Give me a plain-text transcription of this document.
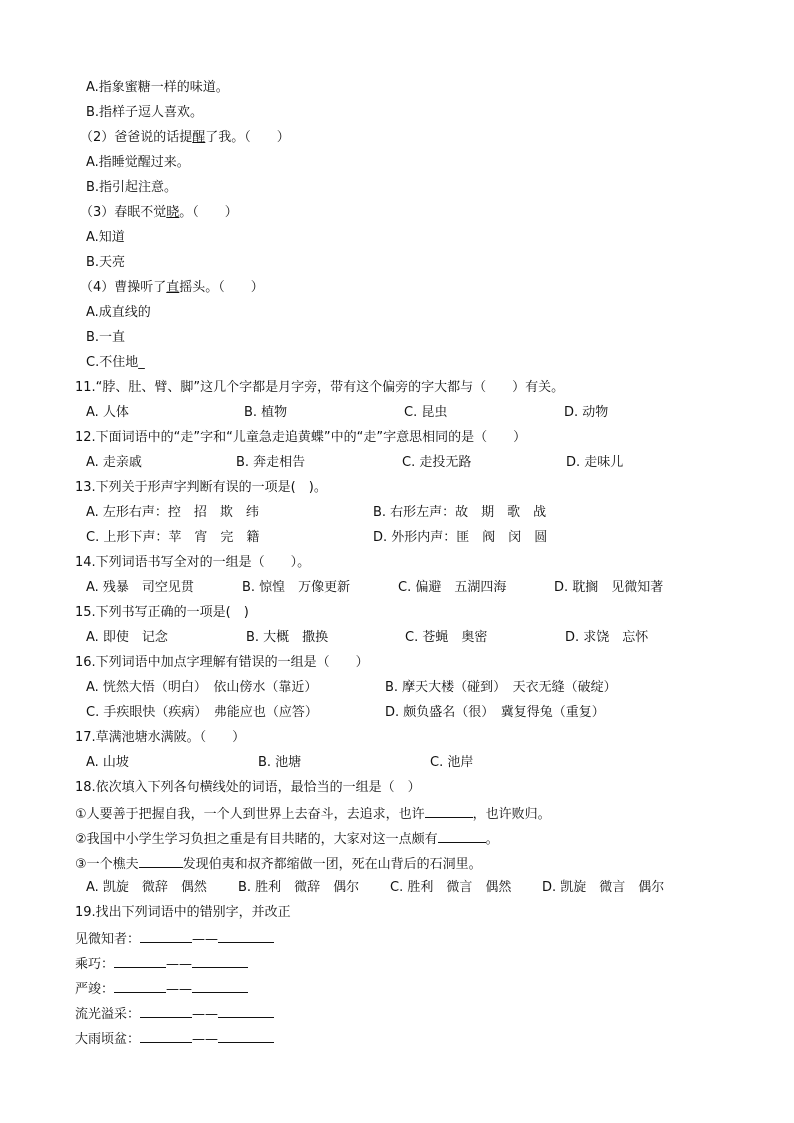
A.指象蜜糖一样的味道。
B.指样子逗人喜欢。
（2）爸爸说的话提醒了我。（　　）
A.指睡觉醒过来。
B.指引起注意。
（3）春眠不觉晓。（　　）
A.知道
B.天亮
（4）曹操听了直摇头。（　　）
A.成直线的
B.一直
C.不住地_
11.“脖、肚、臂、脚”这几个字都是月字旁，带有这个偏旁的字大都与（　　）有关。
A. 人体	B. 植物	C. 昆虫	D. 动物
12.下面词语中的“走”字和“儿童急走追黄蝶”中的“走”字意思相同的是（　　）
A. 走亲戚	B. 奔走相告	C. 走投无路	D. 走味儿
13.下列关于形声字判断有误的一项是(　)。
A. 左形右声：控　招　欺　纬	B. 右形左声：故　期　歌　战
C. 上形下声：苹　宵　完　籍	D. 外形内声：匪　阀　闵　圆
14.下列词语书写全对的一组是（　　）。
A. 残暴　司空见贯	B. 惊惶　万像更新	C. 偏避　五湖四海	D. 耽搁　见微知著
15.下列书写正确的一项是(　)
A. 即使　记念	B. 大概　撒换	C. 苍蝇　奥密	D. 求饶　忘怀
16.下列词语中加点字理解有错误的一组是（　　）
A. 恍然大悟（明白）　依山傍水（靠近）	B. 摩天大楼（碰到）　天衣无缝（破绽）
C. 手疾眼快（疾病）　弗能应也（应答）	D. 颇负盛名（很）　冀复得兔（重复）
17.草满池塘水满陂。（　　）
A. 山坡	B. 池塘	C. 池岸
18.依次填入下列各句横线处的词语，最恰当的一组是（　）
①人要善于把握自我，一个人到世界上去奋斗，去追求，也许	，也许败归。
②我国中小学生学习负担之重是有目共睹的，大家对这一点颇有	。
③一个樵夫	发现伯夷和叔齐都缩做一团，死在山背后的石洞里。
A. 凯旋　微辞　偶然 B. 胜利　微辞　偶尔 C. 胜利　微言　偶然 D. 凯旋　微言　偶尔
19.找出下列词语中的错别字，并改正
见微知者：	——
乘巧：	——
严竣：	——
流光溢采：	——
大雨顷盆：	——
